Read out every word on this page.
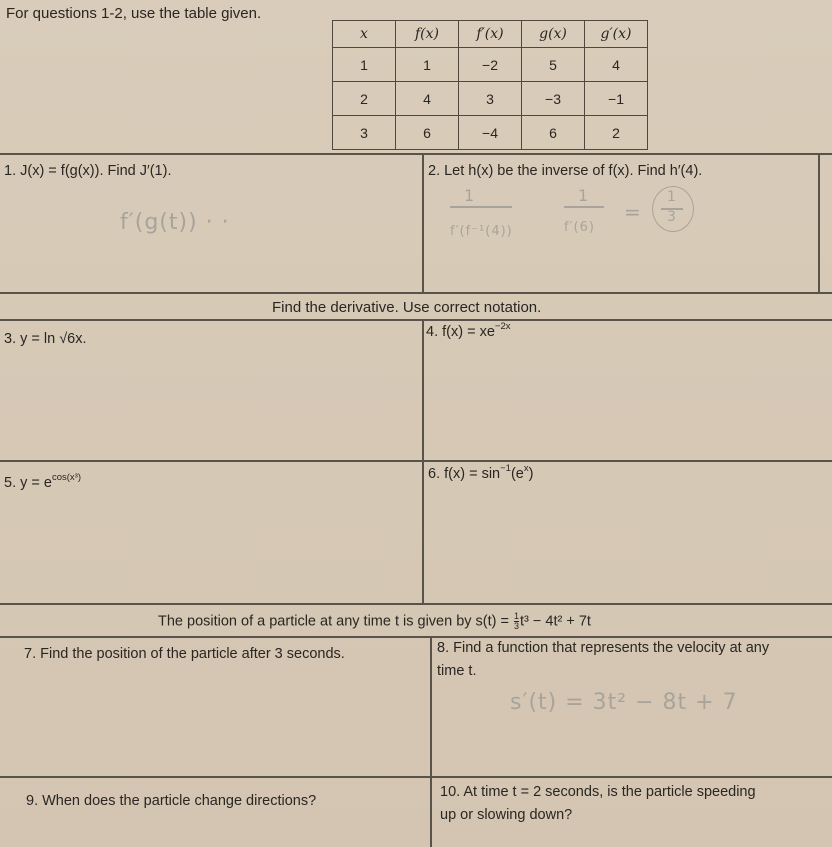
For questions 1-2, use the table given.
x	f(x)	f′(x)	g(x)	g′(x)
1	1	−2	5	4
2	4	3	−3	−1
3	6	−4	6	2
1. J(x) = f(g(x)). Find J′(1).
f′(g(t)) · ·
2. Let h(x) be the inverse of f(x). Find h′(4).
1
f′(f⁻¹(4))
1
f′(6)
=
1
3
Find the derivative. Use correct notation.
3. y = ln √6x.	4. $f(x) = xe^{-2x}$
5. $y = e^{cos(x^3)}$	6. $f(x) = \sin^{-1}(e^x)$
The position of a particle at any time t is given by $s(t) = \frac{1}{3} t^3 - 4t^2 + 7t$
7. Find the position of the particle after 3 seconds.	8. Find a function that represents the velocity at any
time t.
s′(t) = 3t² − 8t + 7
9. When does the particle change directions?
10. At time t = 2 seconds, is the particle speeding
up or slowing down?
